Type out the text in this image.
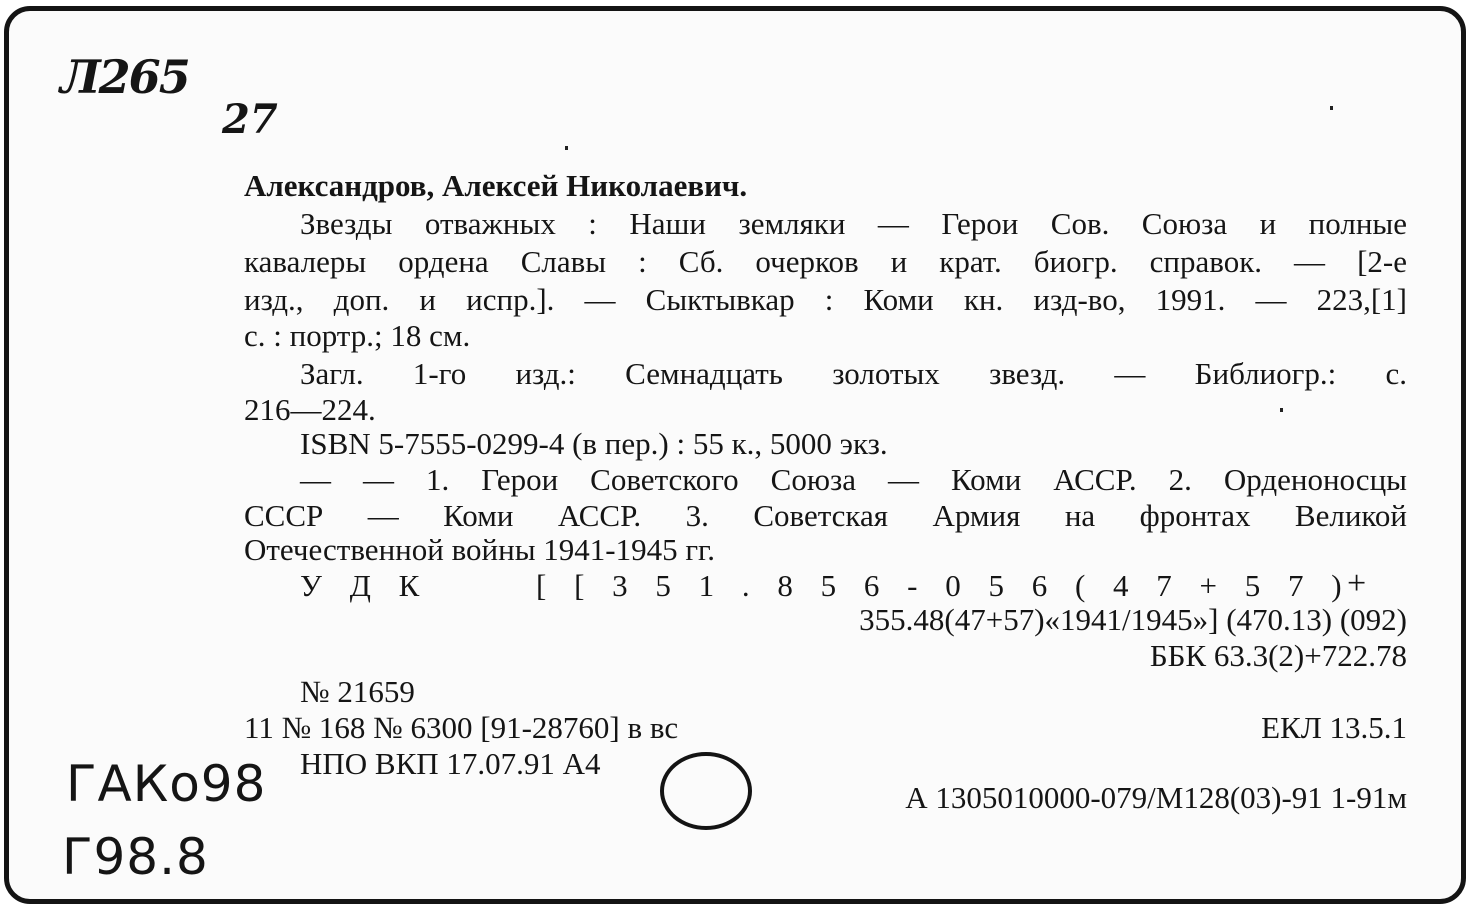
Л265

27

Александров, Алексей Николаевич.

Звезды отважных : Наши земляки — Герои Сов. Союза и полные

кавалеры ордена Славы : Сб. очерков и крат. биогр. справок. — [2-е

изд., доп. и испр.]. — Сыктывкар : Коми кн. изд-во, 1991. — 223,[1]

с. : портр.; 18 см.

Загл. 1-го изд.: Семнадцать золотых звезд. — Библиогр.: с.

216—224.

ISBN 5-7555-0299-4 (в пер.) : 55 к., 5000 экз.

— — 1. Герои Советского Союза — Коми АССР. 2. Орденоносцы

СССР — Коми АССР. 3. Советская Армия на фронтах Великой

Отечественной войны 1941-1945 гг.

У Д К	[ [ 3 5 1 . 8 5 6 - 0 5 6 ( 4 7 + 5 7 )

+

355.48(47+57)«1941/1945»] (470.13) (092)

ББК 63.3(2)+722.78

№ 21659

11 № 168 № 6300 [91-28760] в вс	ЕКЛ 13.5.1

НПО ВКП 17.07.91 А4

А 1305010000-079/М128(03)-91 1-91м

ГАКо98

Г98.8
